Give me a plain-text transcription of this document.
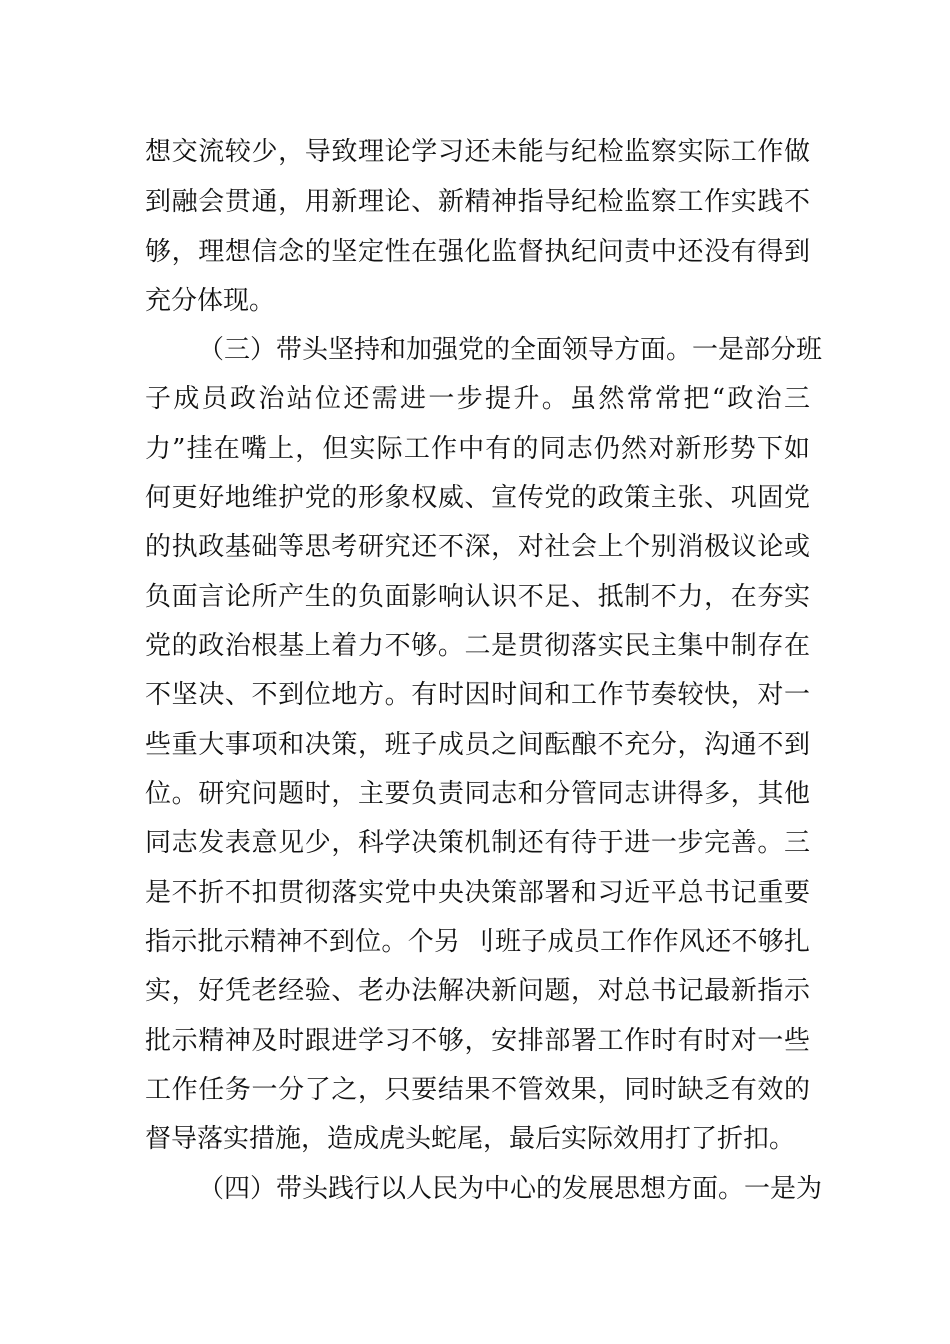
想交流较少，导致理论学习还未能与纪检监察实际工作做
到融会贯通，用新理论、新精神指导纪检监察工作实践不
够，理想信念的坚定性在强化监督执纪问责中还没有得到
充分体现。
（三）带头坚持和加强党的全面领导方面。一是部分班
子成员政治站位还需进一步提升。虽然常常把“政治三
力”挂在嘴上，但实际工作中有的同志仍然对新形势下如
何更好地维护党的形象权威、宣传党的政策主张、巩固党
的执政基础等思考研究还不深，对社会上个别消极议论或
负面言论所产生的负面影响认识不足、抵制不力，在夯实
党的政治根基上着力不够。二是贯彻落实民主集中制存在
不坚决、不到位地方。有时因时间和工作节奏较快，对一
些重大事项和决策，班子成员之间酝酿不充分，沟通不到
位。研究问题时，主要负责同志和分管同志讲得多，其他
同志发表意见少，科学决策机制还有待于进一步完善。三
是不折不扣贯彻落实党中央决策部署和习近平总书记重要
指示批示精神不到位。个另 刂班子成员工作作风还不够扎
实，好凭老经验、老办法解决新问题，对总书记最新指示
批示精神及时跟进学习不够，安排部署工作时有时对一些
工作任务一分了之，只要结果不管效果，同时缺乏有效的
督导落实措施，造成虎头蛇尾，最后实际效用打了折扣。
（四）带头践行以人民为中心的发展思想方面。一是为
